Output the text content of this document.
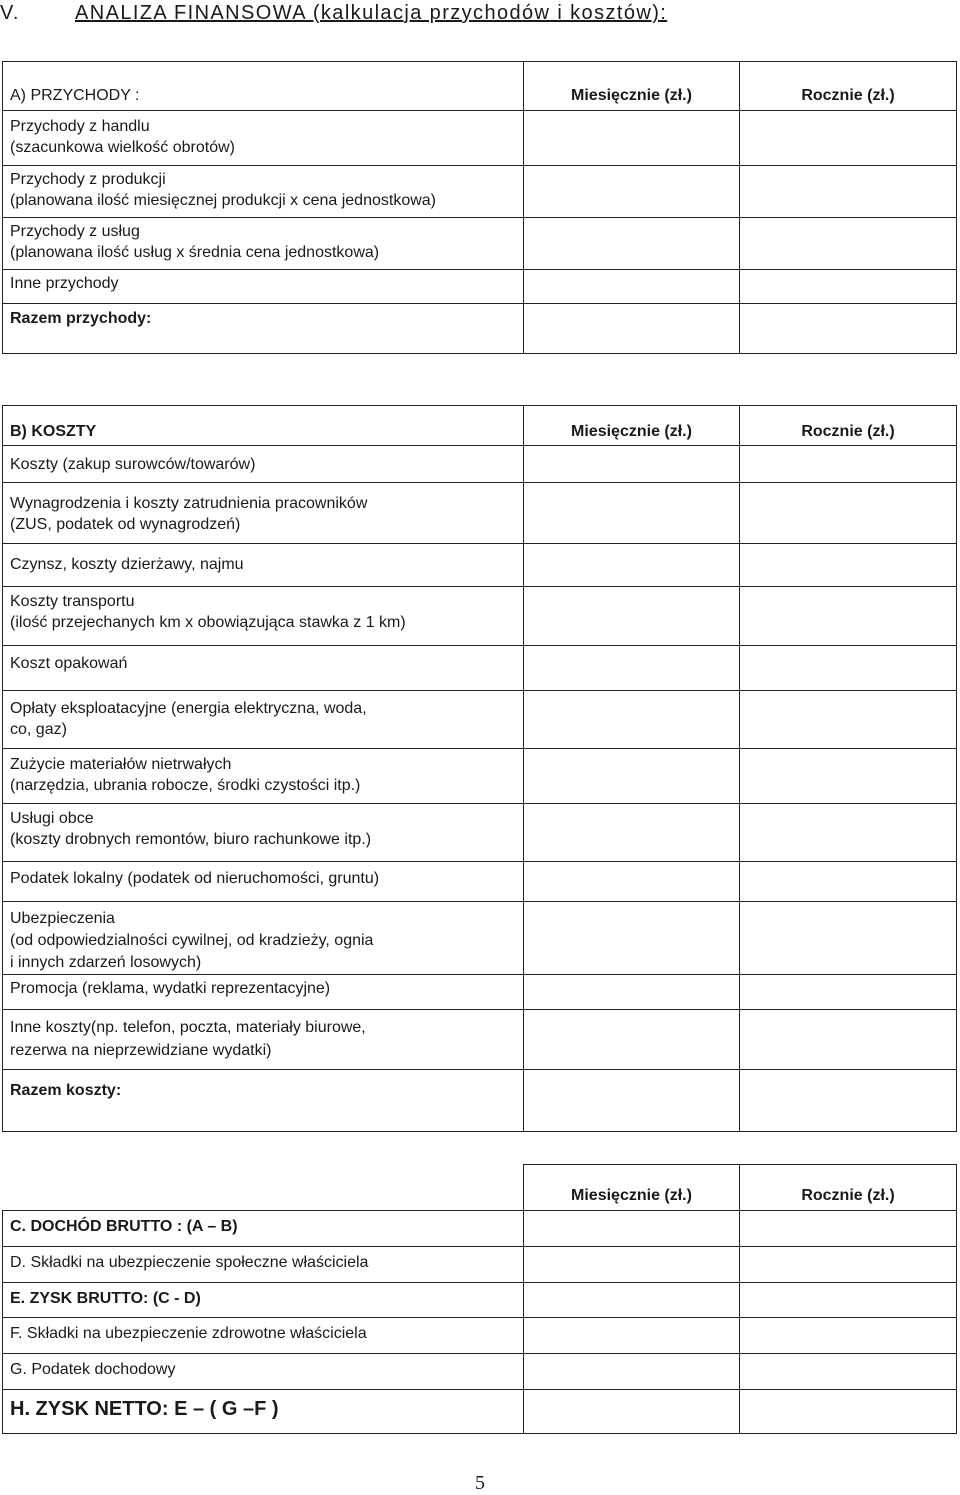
V.	ANALIZA FINANSOWA (kalkulacja przychodów i kosztów):
A) PRZYCHODY :	Miesięcznie (zł.)	Rocznie (zł.)

Przychody z handlu
(szacunkowa wielkość obrotów)		

Przychody z produkcji
(planowana ilość miesięcznej produkcji x cena jednostkowa)		

Przychody z usług
(planowana ilość usług x średnia cena jednostkowa)		

Inne przychody		

Razem przychody:		
B) KOSZTY	Miesięcznie (zł.)	Rocznie (zł.)

Koszty (zakup surowców/towarów)		

Wynagrodzenia i koszty zatrudnienia pracowników
(ZUS, podatek od wynagrodzeń)		

Czynsz, koszty dzierżawy, najmu		

Koszty transportu
(ilość przejechanych km x obowiązująca stawka z 1 km)		

Koszt opakowań		

Opłaty eksploatacyjne (energia elektryczna, woda,
co, gaz)		

Zużycie materiałów nietrwałych
(narzędzia, ubrania robocze, środki czystości itp.)		

Usługi obce
(koszty drobnych remontów, biuro rachunkowe itp.)		

Podatek lokalny (podatek od nieruchomości, gruntu)		

Ubezpieczenia
(od odpowiedzialności cywilnej, od kradzieży, ognia
i innych zdarzeń losowych)		

Promocja (reklama, wydatki reprezentacyjne)		

Inne koszty(np. telefon, poczta, materiały biurowe,
rezerwa na nieprzewidziane wydatki)		

Razem koszty:		
	Miesięcznie (zł.)	Rocznie (zł.)
C. DOCHÓD BRUTTO : (A – B)		
D. Składki na ubezpieczenie społeczne właściciela		
E. ZYSK BRUTTO: (C - D)		
F. Składki na ubezpieczenie zdrowotne właściciela		
G. Podatek dochodowy		
H. ZYSK NETTO: E – ( G –F )		
5
